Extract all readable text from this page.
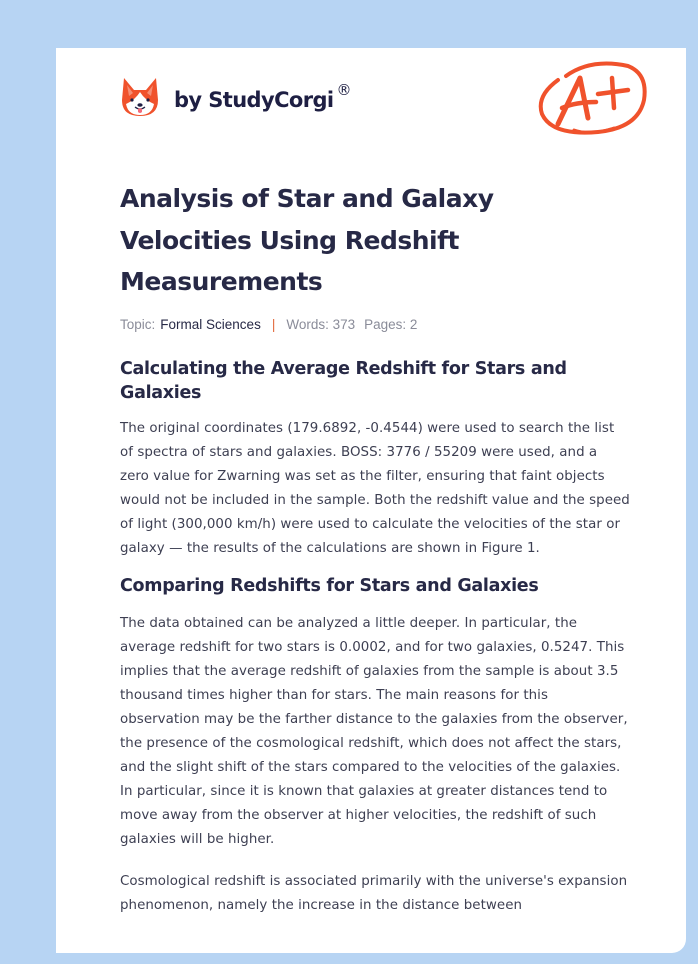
by StudyCorgi ®
Analysis of Star and Galaxy Velocities Using Redshift Measurements
Topic: Formal Sciences | Words: 373 Pages: 2
Calculating the Average Redshift for Stars and Galaxies

The original coordinates (179.6892, -0.4544) were used to search the list of spectra of stars and galaxies. BOSS: 3776 / 55209 were used, and a zero value for Zwarning was set as the filter, ensuring that faint objects would not be included in the sample. Both the redshift value and the speed of light (300,000 km/h) were used to calculate the velocities of the star or galaxy — the results of the calculations are shown in Figure 1.

Comparing Redshifts for Stars and Galaxies

The data obtained can be analyzed a little deeper. In particular, the average redshift for two stars is 0.0002, and for two galaxies, 0.5247. This implies that the average redshift of galaxies from the sample is about 3.5 thousand times higher than for stars. The main reasons for this observation may be the farther distance to the galaxies from the observer, the presence of the cosmological redshift, which does not affect the stars, and the slight shift of the stars compared to the velocities of the galaxies. In particular, since it is known that galaxies at greater distances tend to move away from the observer at higher velocities, the redshift of such galaxies will be higher.

Cosmological redshift is associated primarily with the universe's expansion phenomenon, namely the increase in the distance between
